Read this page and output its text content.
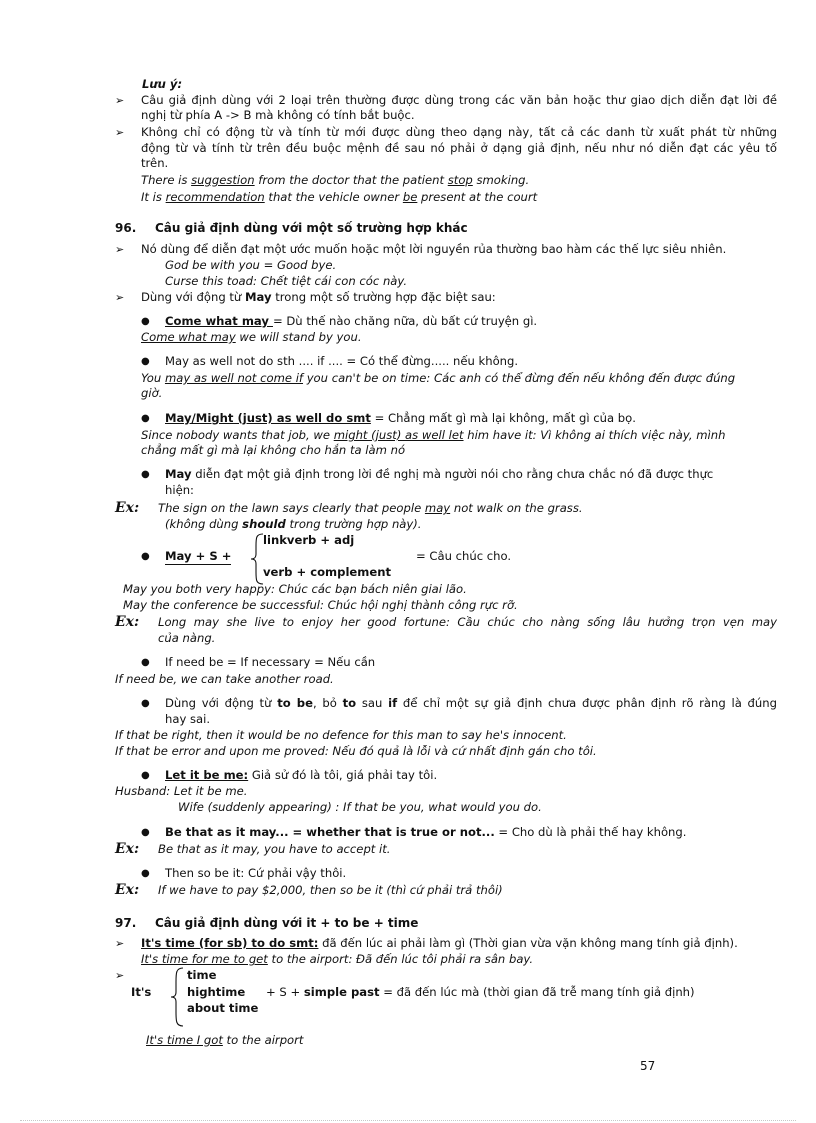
Lưu ý:
➢ Câu giả định dùng với 2 loại trên thường được dùng trong các văn bản hoặc thư giao dịch diễn đạt lời đề
nghị từ phía A -> B mà không có tính bắt buộc.
➢ Không chỉ có động từ và tính từ mới được dùng theo dạng này, tất cả các danh từ xuất phát từ những
động từ và tính từ trên đều buộc mệnh đề sau nó phải ở dạng giả định, nếu như nó diễn đạt các yêu tố
trên.
There is suggestion from the doctor that the patient stop smoking.
It is recommendation that the vehicle owner be present at the court
96. Câu giả định dùng với một số trường hợp khác
➢ Nó dùng để diễn đạt một ước muốn hoặc một lời nguyền rủa thường bao hàm các thế lực siêu nhiên.
God be with you = Good bye.
Curse this toad: Chết tiệt cái con cóc này.
➢ Dùng với động từ May trong một số trường hợp đặc biệt sau:
● Come what may = Dù thế nào chăng nữa, dù bất cứ truyện gì.
Come what may we will stand by you.
● May as well not do sth .... if .... = Có thể đừng..... nếu không.
You may as well not come if you can't be on time: Các anh có thể đừng đến nếu không đến được đúng
giờ.
● May/Might (just) as well do smt = Chẳng mất gì mà lại không, mất gì của bọ.
Since nobody wants that job, we might (just) as well let him have it: Vì không ai thích việc này, mình
chẳng mất gì mà lại không cho hắn ta làm nó
● May diễn đạt một giả định trong lời đề nghị mà người nói cho rằng chưa chắc nó đã được thực
hiện:
Ex: The sign on the lawn says clearly that people may not walk on the grass.
(không dùng should trong trường hợp này).
● May + S +
linkverb + adj
verb + complement
= Câu chúc cho.
May you both very happy: Chúc các bạn bách niên giai lão.
May the conference be successful: Chúc hội nghị thành công rực rỡ.
Ex: Long may she live to enjoy her good fortune: Cầu chúc cho nàng sống lâu hưởng trọn vẹn may
của nàng.
● If need be = If necessary = Nếu cần
If need be, we can take another road.
● Dùng với động từ to be, bỏ to sau if để chỉ một sự giả định chưa được phân định rõ ràng là đúng
hay sai.
If that be right, then it would be no defence for this man to say he's innocent.
If that be error and upon me proved: Nếu đó quả là lỗi và cứ nhất định gán cho tôi.
● Let it be me: Giả sử đó là tôi, giá phải tay tôi.
Husband: Let it be me.
Wife (suddenly appearing) : If that be you, what would you do.
● Be that as it may... = whether that is true or not... = Cho dù là phải thế hay không.
Ex: Be that as it may, you have to accept it.
● Then so be it: Cứ phải vậy thôi.
Ex: If we have to pay $2,000, then so be it (thì cứ phải trả thôi)
97. Câu giả định dùng với it + to be + time
➢ It's time (for sb) to do smt: đã đến lúc ai phải làm gì (Thời gian vừa vặn không mang tính giả định).
It's time for me to get to the airport: Đã đến lúc tôi phải ra sân bay.
➢
It's
time
hightime
about time
+ S + simple past = đã đến lúc mà (thời gian đã trễ mang tính giả định)
It's time I got to the airport
57
